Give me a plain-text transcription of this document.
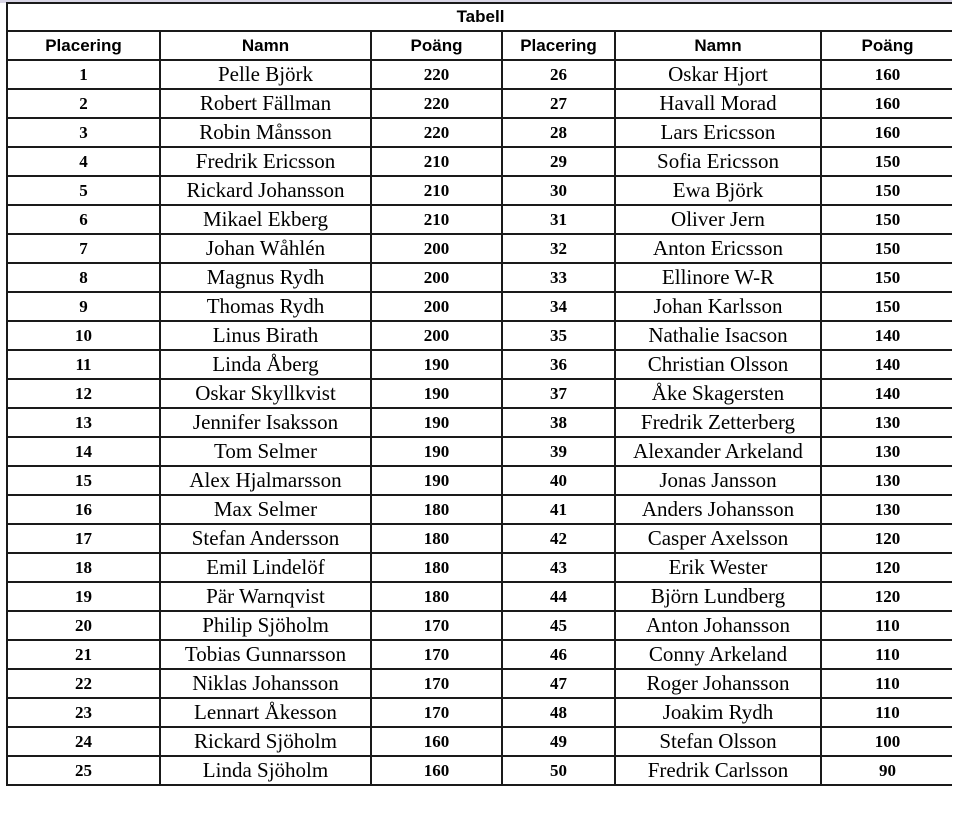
Tabell					
Placering	Namn	Poäng	Placering	Namn	Poäng
1	Pelle Björk	220	26	Oskar Hjort	160
2	Robert Fällman	220	27	Havall Morad	160
3	Robin Månsson	220	28	Lars Ericsson	160
4	Fredrik Ericsson	210	29	Sofia Ericsson	150
5	Rickard Johansson	210	30	Ewa Björk	150
6	Mikael Ekberg	210	31	Oliver Jern	150
7	Johan Wåhlén	200	32	Anton Ericsson	150
8	Magnus Rydh	200	33	Ellinore W-R	150
9	Thomas Rydh	200	34	Johan Karlsson	150
10	Linus Birath	200	35	Nathalie Isacson	140
11	Linda Åberg	190	36	Christian Olsson	140
12	Oskar Skyllkvist	190	37	Åke Skagersten	140
13	Jennifer Isaksson	190	38	Fredrik Zetterberg	130
14	Tom Selmer	190	39	Alexander Arkeland	130
15	Alex Hjalmarsson	190	40	Jonas Jansson	130
16	Max Selmer	180	41	Anders Johansson	130
17	Stefan Andersson	180	42	Casper Axelsson	120
18	Emil Lindelöf	180	43	Erik Wester	120
19	Pär Warnqvist	180	44	Björn Lundberg	120
20	Philip Sjöholm	170	45	Anton Johansson	110
21	Tobias Gunnarsson	170	46	Conny Arkeland	110
22	Niklas Johansson	170	47	Roger Johansson	110
23	Lennart Åkesson	170	48	Joakim Rydh	110
24	Rickard Sjöholm	160	49	Stefan Olsson	100
25	Linda Sjöholm	160	50	Fredrik Carlsson	90
